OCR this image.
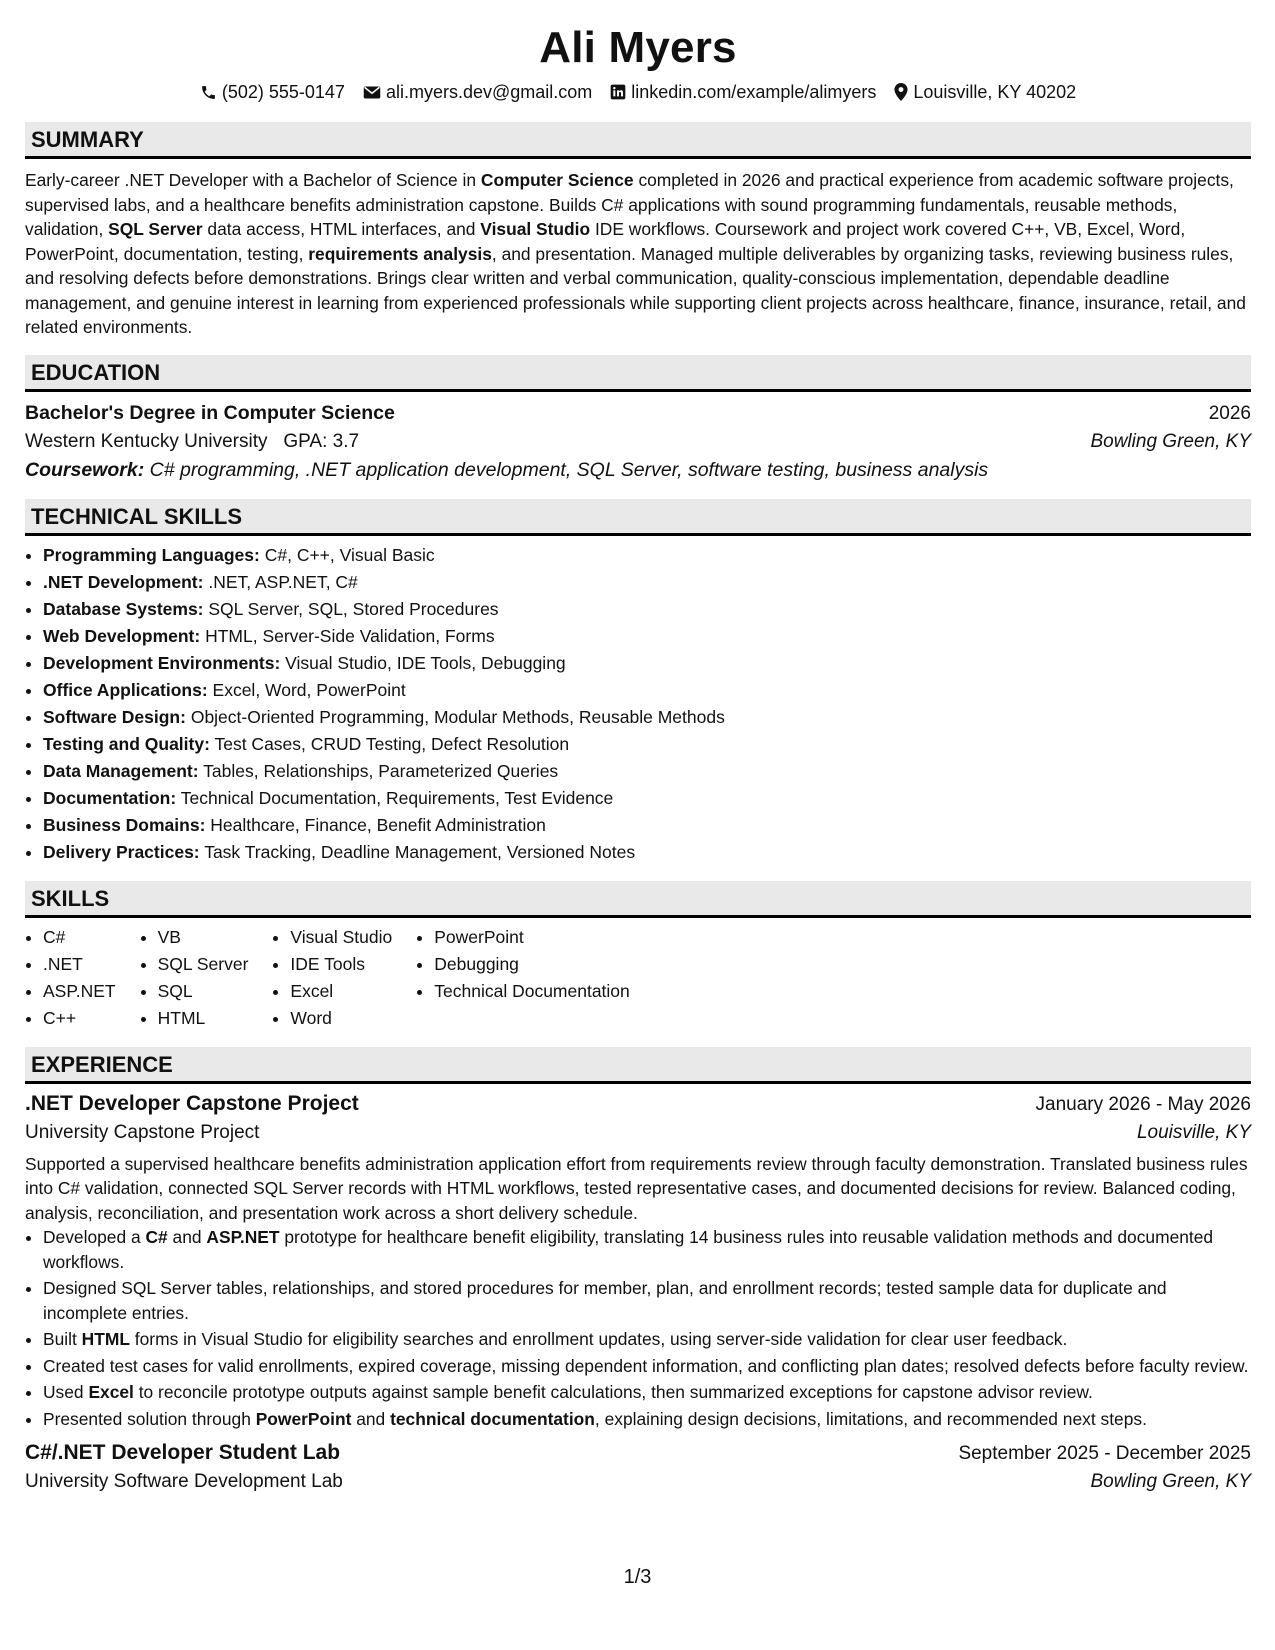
Ali Myers
(502) 555-0147 ali.myers.dev@gmail.com linkedin.com/example/alimyers Louisville, KY 40202
SUMMARY
Early-career .NET Developer with a Bachelor of Science in Computer Science completed in 2026 and practical experience from academic software projects, supervised labs, and a healthcare benefits administration capstone. Builds C# applications with sound programming fundamentals, reusable methods, validation, SQL Server data access, HTML interfaces, and Visual Studio IDE workflows. Coursework and project work covered C++, VB, Excel, Word, PowerPoint, documentation, testing, requirements analysis, and presentation. Managed multiple deliverables by organizing tasks, reviewing business rules, and resolving defects before demonstrations. Brings clear written and verbal communication, quality-conscious implementation, dependable deadline management, and genuine interest in learning from experienced professionals while supporting client projects across healthcare, finance, insurance, retail, and related environments.
EDUCATION
Bachelor's Degree in Computer Science	2026
Western Kentucky University GPA: 3.7	Bowling Green, KY
Coursework: C# programming, .NET application development, SQL Server, software testing, business analysis
TECHNICAL SKILLS
• Programming Languages: C#, C++, Visual Basic
• .NET Development: .NET, ASP.NET, C#
• Database Systems: SQL Server, SQL, Stored Procedures
• Web Development: HTML, Server-Side Validation, Forms
• Development Environments: Visual Studio, IDE Tools, Debugging
• Office Applications: Excel, Word, PowerPoint
• Software Design: Object-Oriented Programming, Modular Methods, Reusable Methods
• Testing and Quality: Test Cases, CRUD Testing, Defect Resolution
• Data Management: Tables, Relationships, Parameterized Queries
• Documentation: Technical Documentation, Requirements, Test Evidence
• Business Domains: Healthcare, Finance, Benefit Administration
• Delivery Practices: Task Tracking, Deadline Management, Versioned Notes
SKILLS
• C#
• .NET
• ASP.NET
• C++
• VB
• SQL Server
• SQL
• HTML
• Visual Studio
• IDE Tools
• Excel
• Word
• PowerPoint
• Debugging
• Technical Documentation
EXPERIENCE
.NET Developer Capstone Project	January 2026 - May 2026
University Capstone Project	Louisville, KY
Supported a supervised healthcare benefits administration application effort from requirements review through faculty demonstration. Translated business rules into C# validation, connected SQL Server records with HTML workflows, tested representative cases, and documented decisions for review. Balanced coding, analysis, reconciliation, and presentation work across a short delivery schedule.
• Developed a C# and ASP.NET prototype for healthcare benefit eligibility, translating 14 business rules into reusable validation methods and documented workflows.
• Designed SQL Server tables, relationships, and stored procedures for member, plan, and enrollment records; tested sample data for duplicate and incomplete entries.
• Built HTML forms in Visual Studio for eligibility searches and enrollment updates, using server-side validation for clear user feedback.
• Created test cases for valid enrollments, expired coverage, missing dependent information, and conflicting plan dates; resolved defects before faculty review.
• Used Excel to reconcile prototype outputs against sample benefit calculations, then summarized exceptions for capstone advisor review.
• Presented solution through PowerPoint and technical documentation, explaining design decisions, limitations, and recommended next steps.
C#/.NET Developer Student Lab	September 2025 - December 2025
University Software Development Lab	Bowling Green, KY
1/3
